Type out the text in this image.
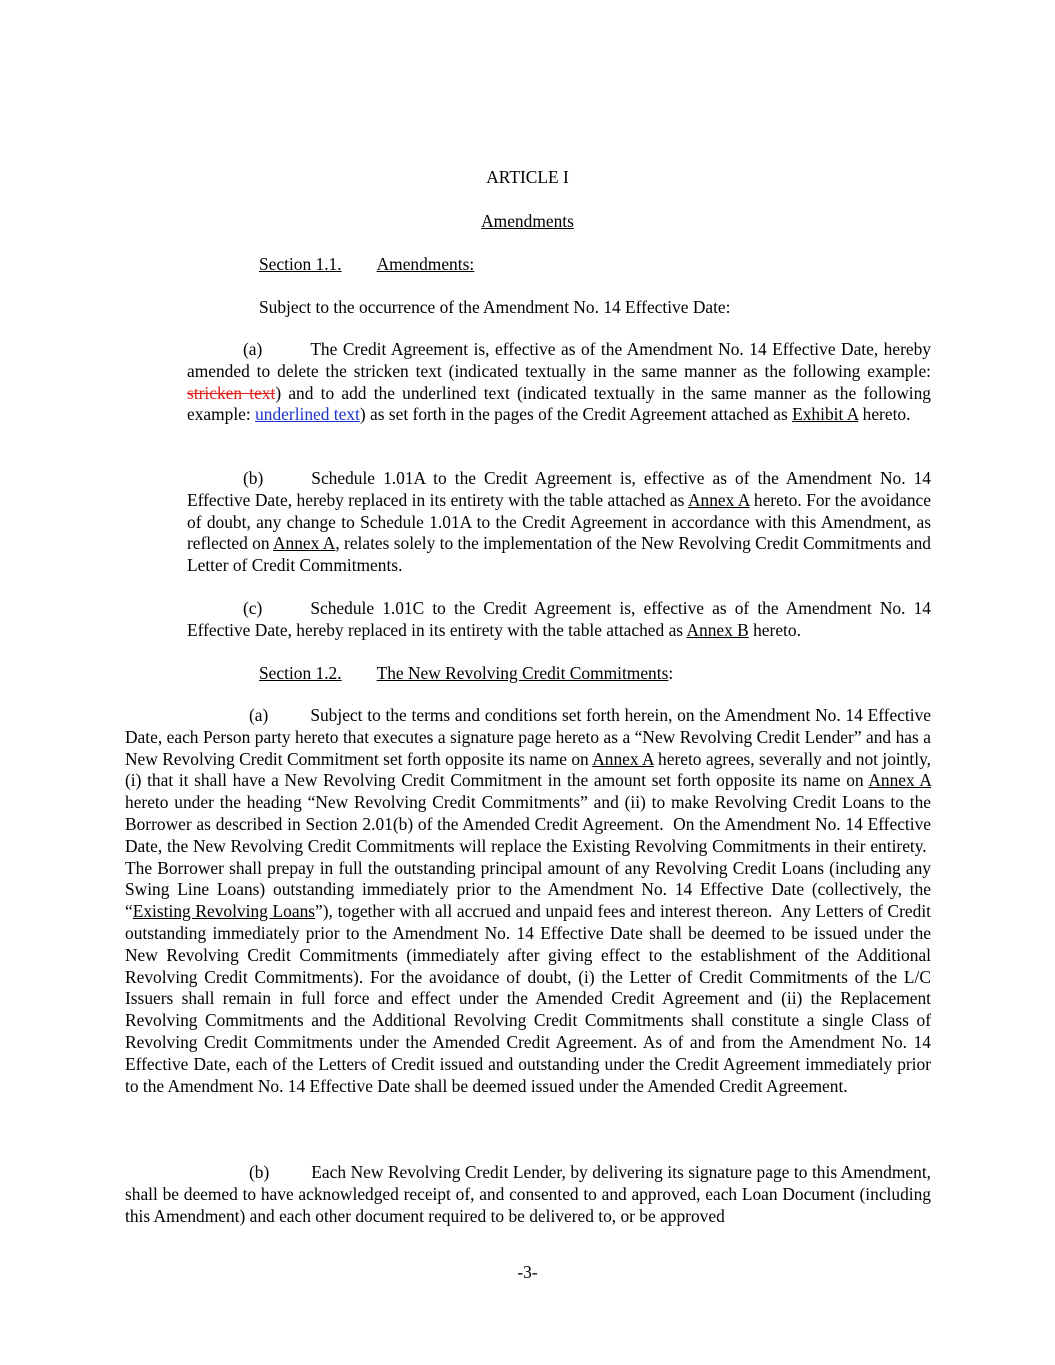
ARTICLE I

Amendments

Section 1.1. Amendments:

Subject to the occurrence of the Amendment No. 14 Effective Date:

(a)	The Credit Agreement is, effective as of the Amendment No. 14 Effective Date, hereby amended to delete the stricken text (indicated textually in the same manner as the following example: stricken text) and to add the underlined text (indicated textually in the same manner as the following example: underlined text) as set forth in the pages of the Credit Agreement attached as Exhibit A hereto.

(b)	Schedule 1.01A to the Credit Agreement is, effective as of the Amendment No. 14 Effective Date, hereby replaced in its entirety with the table attached as Annex A hereto. For the avoidance of doubt, any change to Schedule 1.01A to the Credit Agreement in accordance with this Amendment, as reflected on Annex A, relates solely to the implementation of the New Revolving Credit Commitments and Letter of Credit Commitments.

(c)	Schedule 1.01C to the Credit Agreement is, effective as of the Amendment No. 14 Effective Date, hereby replaced in its entirety with the table attached as Annex B hereto.

Section 1.2. The New Revolving Credit Commitments:

(a) Subject to the terms and conditions set forth herein, on the Amendment No. 14 Effective Date, each Person party hereto that executes a signature page hereto as a “New Revolving Credit Lender” and has a New Revolving Credit Commitment set forth opposite its name on Annex A hereto agrees, severally and not jointly, (i) that it shall have a New Revolving Credit Commitment in the amount set forth opposite its name on Annex A hereto under the heading “New Revolving Credit Commitments” and (ii) to make Revolving Credit Loans to the Borrower as described in Section 2.01(b) of the Amended Credit Agreement.  On the Amendment No. 14 Effective Date, the New Revolving Credit Commitments will replace the Existing Revolving Commitments in their entirety.  The Borrower shall prepay in full the outstanding principal amount of any Revolving Credit Loans (including any Swing Line Loans) outstanding immediately prior to the Amendment No. 14 Effective Date (collectively, the “Existing Revolving Loans”), together with all accrued and unpaid fees and interest thereon.  Any Letters of Credit outstanding immediately prior to the Amendment No. 14 Effective Date shall be deemed to be issued under the New Revolving Credit Commitments (immediately after giving effect to the establishment of the Additional Revolving Credit Commitments). For the avoidance of doubt, (i) the Letter of Credit Commitments of the L/C Issuers shall remain in full force and effect under the Amended Credit Agreement and (ii) the Replacement Revolving Commitments and the Additional Revolving Credit Commitments shall constitute a single Class of Revolving Credit Commitments under the Amended Credit Agreement. As of and from the Amendment No. 14 Effective Date, each of the Letters of Credit issued and outstanding under the Credit Agreement immediately prior to the Amendment No. 14 Effective Date shall be deemed issued under the Amended Credit Agreement.

(b) Each New Revolving Credit Lender, by delivering its signature page to this Amendment, shall be deemed to have acknowledged receipt of, and consented to and approved, each Loan Document (including this Amendment) and each other document required to be delivered to, or be approved

-3-
